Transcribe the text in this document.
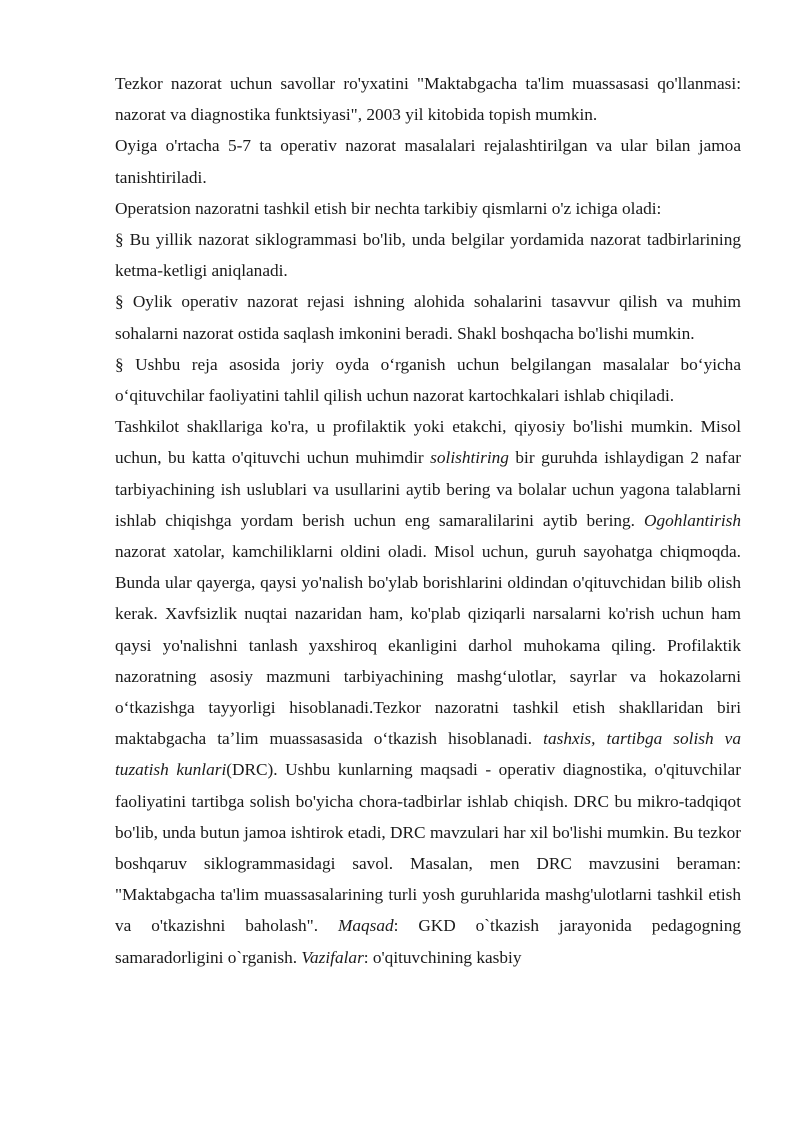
Tezkor nazorat uchun savollar ro'yxatini "Maktabgacha ta'lim muassasasi qo'llanmasi: nazorat va diagnostika funktsiyasi", 2003 yil kitobida topish mumkin.

Oyiga o'rtacha 5-7 ta operativ nazorat masalalari rejalashtirilgan va ular bilan jamoa tanishtiriladi.

Operatsion nazoratni tashkil etish bir nechta tarkibiy qismlarni o'z ichiga oladi:

§ Bu yillik nazorat siklogrammasi bo'lib, unda belgilar yordamida nazorat tadbirlarining ketma-ketligi aniqlanadi.

§ Oylik operativ nazorat rejasi ishning alohida sohalarini tasavvur qilish va muhim sohalarni nazorat ostida saqlash imkonini beradi. Shakl boshqacha bo'lishi mumkin.

§ Ushbu reja asosida joriy oyda oʻrganish uchun belgilangan masalalar boʻyicha oʻqituvchilar faoliyatini tahlil qilish uchun nazorat kartochkalari ishlab chiqiladi.

Tashkilot shakllariga ko'ra, u profilaktik yoki etakchi, qiyosiy bo'lishi mumkin. Misol uchun, bu katta o'qituvchi uchun muhimdir solishtiring bir guruhda ishlaydigan 2 nafar tarbiyachining ish uslublari va usullarini aytib bering va bolalar uchun yagona talablarni ishlab chiqishga yordam berish uchun eng samaralilarini aytib bering. Ogohlantirish nazorat xatolar, kamchiliklarni oldini oladi. Misol uchun, guruh sayohatga chiqmoqda. Bunda ular qayerga, qaysi yo'nalish bo'ylab borishlarini oldindan o'qituvchidan bilib olish kerak. Xavfsizlik nuqtai nazaridan ham, ko'plab qiziqarli narsalarni ko'rish uchun ham qaysi yo'nalishni tanlash yaxshiroq ekanligini darhol muhokama qiling. Profilaktik nazoratning asosiy mazmuni tarbiyachining mashgʻulotlar, sayrlar va hokazolarni oʻtkazishga tayyorligi hisoblanadi.Tezkor nazoratni tashkil etish shakllaridan biri maktabgacha taʼlim muassasasida oʻtkazish hisoblanadi. tashxis, tartibga solish va tuzatish kunlari(DRC). Ushbu kunlarning maqsadi - operativ diagnostika, o'qituvchilar faoliyatini tartibga solish bo'yicha chora-tadbirlar ishlab chiqish. DRC bu mikro-tadqiqot bo'lib, unda butun jamoa ishtirok etadi, DRC mavzulari har xil bo'lishi mumkin. Bu tezkor boshqaruv siklogrammasidagi savol. Masalan, men DRC mavzusini beraman: "Maktabgacha ta'lim muassasalarining turli yosh guruhlarida mashg'ulotlarni tashkil etish va o'tkazishni baholash". Maqsad: GKD o`tkazish jarayonida pedagogning samaradorligini o`rganish. Vazifalar: o'qituvchining kasbiy
